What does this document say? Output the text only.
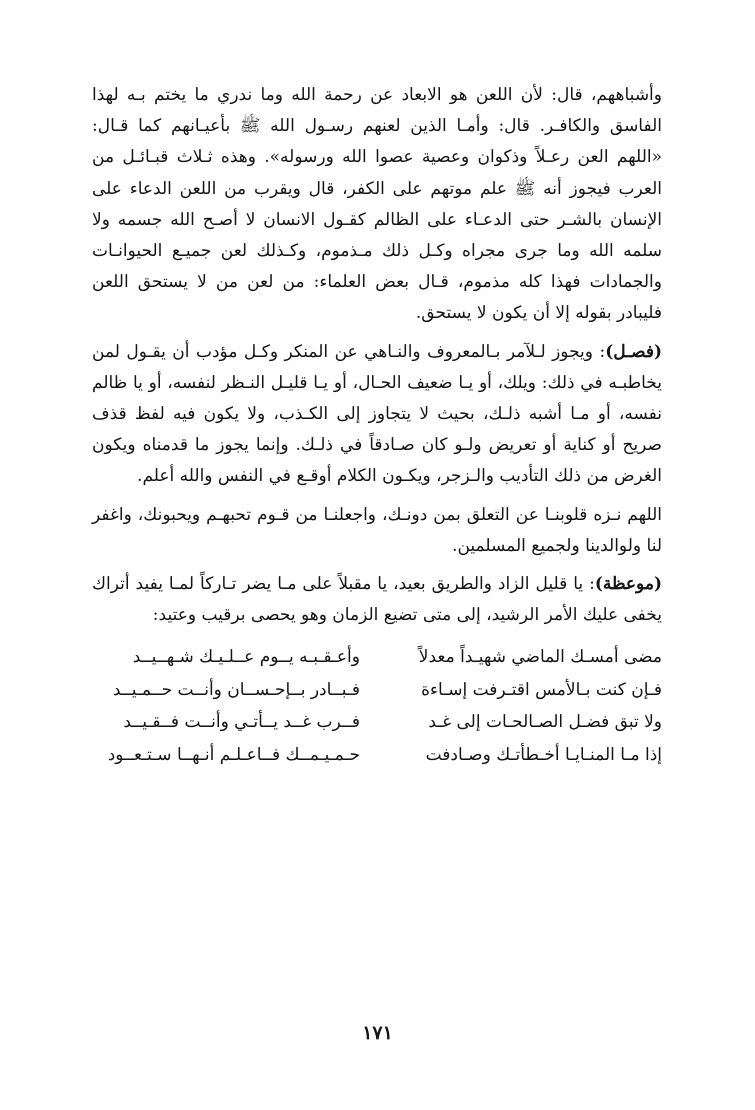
وأشباههم، قال: لأن اللعن هو الابعاد عن رحمة الله وما ندري ما يختم بـه لهذا الفاسق والكافـر. قال: وأمـا الذين لعنهم رسـول الله ﷺ بأعيـانهم كما قـال: «اللهم العن رعـلاً وذكوان وعصية عصوا الله ورسوله». وهذه ثـلاث قبـائـل من العرب فيجوز أنه ﷺ علم موتهم على الكفر، قال ويقرب من اللعن الدعاء على الإنسان بالشـر حتى الدعـاء على الظالم كقـول الانسان لا أصـح الله جسمه ولا سلمه الله وما جرى مجراه وكـل ذلك مـذموم، وكـذلك لعن جميـع الحيوانـات والجمادات فهذا كله مذموم، قـال بعض العلماء: من لعن من لا يستحق اللعن فليبادر بقوله إلا أن يكون لا يستحق.

(فصـل): ويجوز لـلآمر بـالمعروف والنـاهي عن المنكر وكـل مؤدب أن يقـول لمن يخاطبـه في ذلك: ويلك، أو يـا ضعيف الحـال، أو يـا قليـل النـظر لنفسه، أو يا ظالم نفسه، أو مـا أشبه ذلـك، بحيث لا يتجاوز إلى الكـذب، ولا يكون فيه لفظ قذف صريح أو كناية أو تعريض ولـو كان صـادقاً في ذلـك. وإنما يجوز ما قدمناه ويكون الغرض من ذلك التأديب والـزجر، ويكـون الكلام أوقـع في النفس والله أعلم.

اللهم نـزه قلوبنـا عن التعلق بمن دونـك، واجعلنـا من قـوم تحبهـم ويحبونك، واغفر لنا ولوالدينا ولجميع المسلمين.

(موعظة): يا قليل الزاد والطريق بعيد، يا مقبلاً على مـا يضر تـاركاً لمـا يفيد أتراك يخفى عليك الأمر الرشيد، إلى متى تضيع الزمان وهو يحصى برقيب وعتيد:

مضى أمسـك الماضي شهيـداً معدلاً
وأعـقـبـه يــوم عــلـيـك شـهــيــد
فـإن كنت بـالأمس اقتـرفت إسـاءة
فـبــادر بــإحـســان وأنــت حــمـيــد
ولا تبق فضـل الصـالحـات إلى غـد
فــرب غــد يــأتـي وأنــت فــقـيــد
إذا مـا المنـايـا أخـطأتـك وصـادفت
حـمـيـمــك فــاعـلـم أنـهــا سـتـعــود
١٧١
